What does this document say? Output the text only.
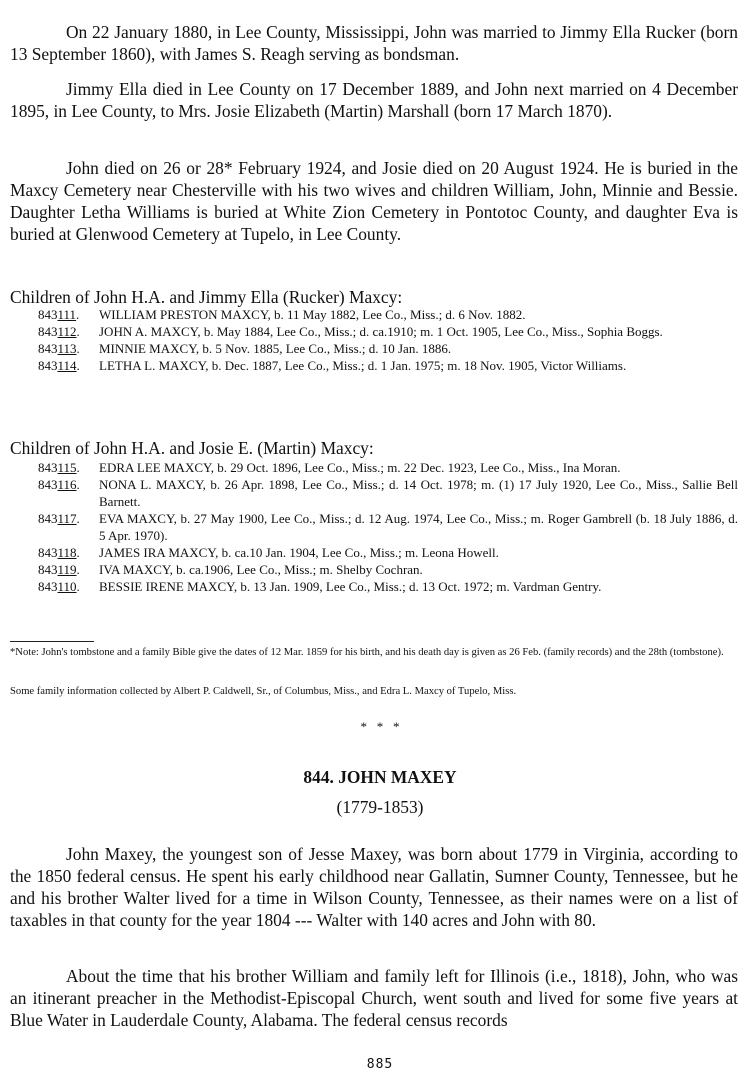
On 22 January 1880, in Lee County, Mississippi, John was married to Jimmy Ella Rucker (born 13 September 1860), with James S. Reagh serving as bondsman.

Jimmy Ella died in Lee County on 17 December 1889, and John next married on 4 December 1895, in Lee County, to Mrs. Josie Elizabeth (Martin) Marshall (born 17 March 1870).

John died on 26 or 28* February 1924, and Josie died on 20 August 1924. He is buried in the Maxcy Cemetery near Chesterville with his two wives and children William, John, Minnie and Bessie. Daughter Letha Williams is buried at White Zion Cemetery in Pontotoc County, and daughter Eva is buried at Glenwood Cemetery at Tupelo, in Lee County.

Children of John H.A. and Jimmy Ella (Rucker) Maxcy:

843111. WILLIAM PRESTON MAXCY, b. 11 May 1882, Lee Co., Miss.; d. 6 Nov. 1882.

843112. JOHN A. MAXCY, b. May 1884, Lee Co., Miss.; d. ca.1910; m. 1 Oct. 1905, Lee Co., Miss., Sophia Boggs.

843113. MINNIE MAXCY, b. 5 Nov. 1885, Lee Co., Miss.; d. 10 Jan. 1886.

843114. LETHA L. MAXCY, b. Dec. 1887, Lee Co., Miss.; d. 1 Jan. 1975; m. 18 Nov. 1905, Victor Williams.

Children of John H.A. and Josie E. (Martin) Maxcy:

843115. EDRA LEE MAXCY, b. 29 Oct. 1896, Lee Co., Miss.; m. 22 Dec. 1923, Lee Co., Miss., Ina Moran.

843116. NONA L. MAXCY, b. 26 Apr. 1898, Lee Co., Miss.; d. 14 Oct. 1978; m. (1) 17 July 1920, Lee Co., Miss., Sallie Bell Barnett.

843117. EVA MAXCY, b. 27 May 1900, Lee Co., Miss.; d. 12 Aug. 1974, Lee Co., Miss.; m. Roger Gambrell (b. 18 July 1886, d. 5 Apr. 1970).

843118. JAMES IRA MAXCY, b. ca.10 Jan. 1904, Lee Co., Miss.; m. Leona Howell.

843119. IVA MAXCY, b. ca.1906, Lee Co., Miss.; m. Shelby Cochran.

843110. BESSIE IRENE MAXCY, b. 13 Jan. 1909, Lee Co., Miss.; d. 13 Oct. 1972; m. Vardman Gentry.

*Note: John's tombstone and a family Bible give the dates of 12 Mar. 1859 for his birth, and his death day is given as 26 Feb. (family records) and the 28th (tombstone).

Some family information collected by Albert P. Caldwell, Sr., of Columbus, Miss., and Edra L. Maxcy of Tupelo, Miss.

*   *   *

844. JOHN MAXEY

(1779-1853)

John Maxey, the youngest son of Jesse Maxey, was born about 1779 in Virginia, according to the 1850 federal census. He spent his early childhood near Gallatin, Sumner County, Tennessee, but he and his brother Walter lived for a time in Wilson County, Tennessee, as their names were on a list of taxables in that county for the year 1804 --- Walter with 140 acres and John with 80.

About the time that his brother William and family left for Illinois (i.e., 1818), John, who was an itinerant preacher in the Methodist-Episcopal Church, went south and lived for some five years at Blue Water in Lauderdale County, Alabama. The federal census records

885
